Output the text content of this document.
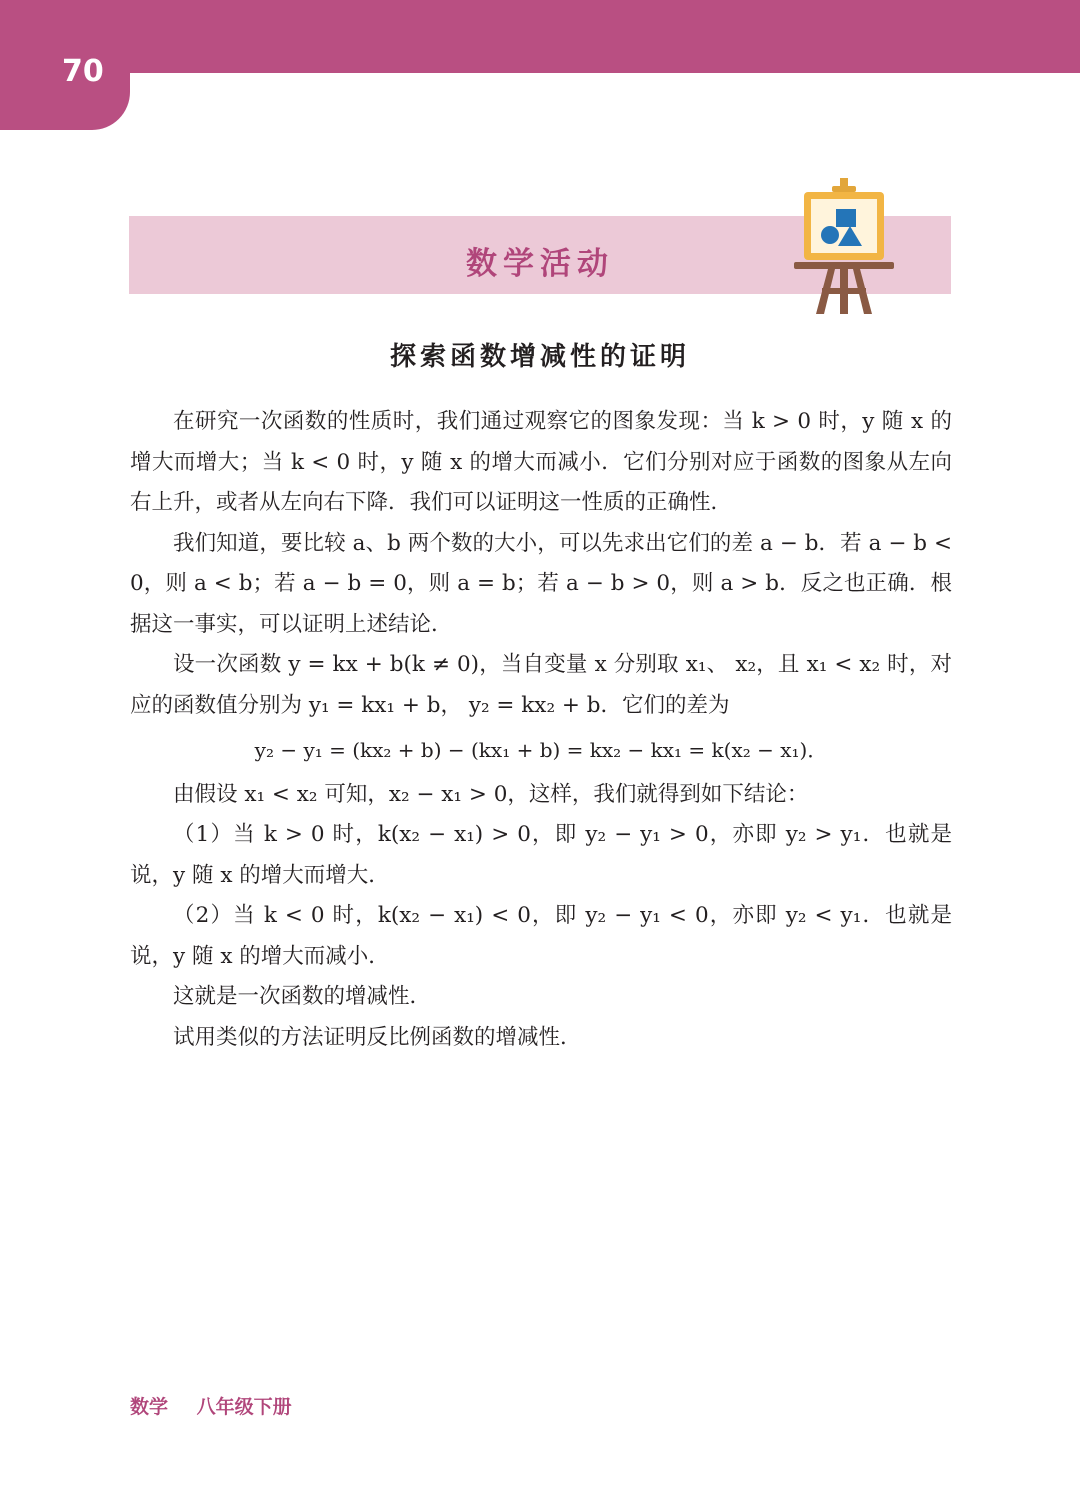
70
数学活动
探索函数增减性的证明

在研究一次函数的性质时，我们通过观察它的图象发现：当 k > 0 时，y 随 x 的增大而增大；当 k < 0 时，y 随 x 的增大而减小．它们分别对应于函数的图象从左向右上升，或者从左向右下降．我们可以证明这一性质的正确性．

我们知道，要比较 a、b 两个数的大小，可以先求出它们的差 a − b．若 a − b < 0，则 a < b；若 a − b = 0，则 a = b；若 a − b > 0，则 a > b．反之也正确．根据这一事实，可以证明上述结论．

设一次函数 y = kx + b(k ≠ 0)，当自变量 x 分别取 x₁、 x₂，且 x₁ < x₂ 时，对应的函数值分别为 y₁ = kx₁ + b， y₂ = kx₂ + b．它们的差为

y₂ − y₁ = (kx₂ + b) − (kx₁ + b) = kx₂ − kx₁ = k(x₂ − x₁)．

由假设 x₁ < x₂ 可知，x₂ − x₁ > 0，这样，我们就得到如下结论：

（1）当 k > 0 时，k(x₂ − x₁) > 0，即 y₂ − y₁ > 0，亦即 y₂ > y₁．也就是说，y 随 x 的增大而增大．

（2）当 k < 0 时，k(x₂ − x₁) < 0，即 y₂ − y₁ < 0，亦即 y₂ < y₁．也就是说，y 随 x 的增大而减小．

这就是一次函数的增减性．

试用类似的方法证明反比例函数的增减性．

数学 八年级下册
